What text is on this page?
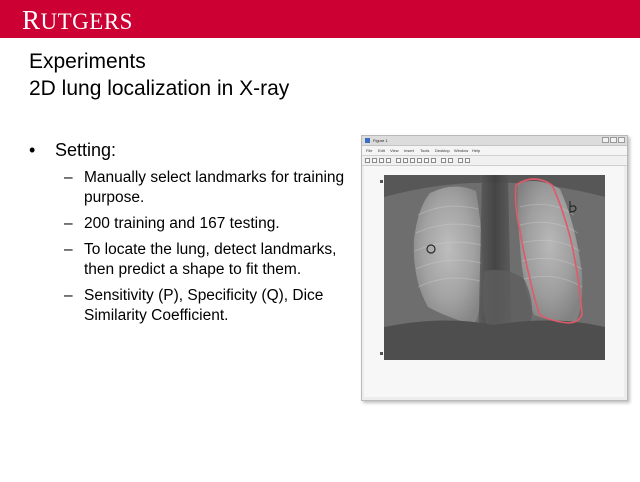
RUTGERS
Experiments
2D lung localization in X-ray
• Setting:
– Manually select landmarks for training purpose.
– 200 training and 167 testing.
– To locate the lung, detect landmarks, then predict a shape to fit them.
– Sensitivity (P), Specificity (Q), Dice Similarity Coefficient.
Figure 1
File Edit View Insert Tools Desktop Window Help
